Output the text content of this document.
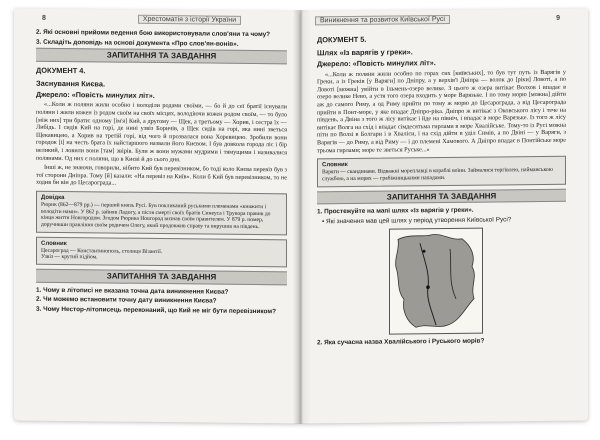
8	Хрестоматія з історії України
2. Які основні прийоми ведення бою використовували слов'яни та чому?
3. Складіть доповідь на основі документа «Про слов'ян-вонів».
ЗАПИТАННЯ ТА ЗАВДАННЯ
ДОКУМЕНТ 4.
Заснування Києва.
Джерело: «Повість минулих літ».

«...Коли ж поляни жили особно і володіли родами своїми, — бо й до сеї братії існували поляни і жили кожен із родом своїм на своїх місцях, володіючи кожен родом своїм, — то було [між них] три брати: одному [ім'я] Кий, а другому — Щек, а третьому — Хорив, і сестра їх — Либідь. І сидів Кий на горі, де нині узвіз Боричів, а Щек сидів на горі, яка нині зветься Щекавицею, а Хорив на третій горі, від чого й прозвалася вона Хоревицею. Зробили вони городок [і] на честь брата їх найстаршого назвали його Києвом. І був довкола города ліс і бір великий, і ловили вони [там] звірів. Були ж вони мужами мудрими і тямущими і називалися полянами. Од них є поляни, що в Києві й до сього дня.

Інші ж, не знаючи, говорили, нібито Кий був перевізником, бо тоді коло Києва перевіз був з тої сторони Дніпра. Тому [й] казали: «На перевіз на Київ». Коли б Кий був перевізником, то не ходив би він до Цесарограда...

Довідка
Рюрик (862—879 рр.) — перший князь Русі. Був покликаний руськими племенами «княжити і володіти нами». У 862 р. зайняв Ладогу, а після смерті своїх братів Синеуса і Трувора правив до кінця життя Новгородом. Згодом Рюрика Новгород визнав своїм правителем. У 879 р. помер, доручивши правління своїм родичем Олегу, який продовжив справу та вирушив на південь.
Словник
Цесароград — Константинополь, столиця Візантії.
Узвіз — крутий підйом.
ЗАПИТАННЯ ТА ЗАВДАННЯ
1. Чому в літописі не вказана точна дата виникнення Києва?
2. Чи можемо встановити точну дату виникнення Києва?
3. Чому Нестор-літописець переконаний, що Кий не міг бути перевізником?
Виникнення та розвиток Київської Русі	9
ДОКУМЕНТ 5.
Шлях «Із варягів у греки».
Джерело: «Повість минулих літ».

«...Коли ж поляни жили особно по горах сих [київських], то був тут путь із Варягів у Греки, а із Греків [у Варяги] по Дніпру, а у верхів'ї Дніпра — волок до [ріки] Ловоті, а по Ловоті [можна] увійти в Ільмень-озеро велике. З цього ж озера витікає Волхов і впадає в озеро велике Нево, а устя того озера входить у море Варязьке. І по тому морю [можна] дійти аж до самого Риму, а од Риму прийти по тому ж морю до Цесарограда, а від Цесарограда прийти в Понт-море, у яке впадає Дніпро-ріка. Дніпро ж витікає з Оковського лісу і тече на південь, а Двіна з того ж лісу витікає і йде на північ, і впадає в море Варязьке. Із того ж лісу витікає Волга на схід і впадає сімдесятьма гирлами в море Хвалійське. Тому-то із Русі можна піти по Волзі в Болгари і в Хваліси, і на схід дійти в уділ Симів, а по Двіні — у Варяги, з Варягів — до Риму, а від Риму — і до племені Хамового. А Дніпро впадає в Понтійське море трьома гирлами; море те зветься Руське...»

Словник
Варяги — скандинави. Відважні мореплавці в кораблі воїни. Займалися торгівлею, найманською службою, а на морях — грабіжницькими нападами.
ЗАПИТАННЯ ТА ЗАВДАННЯ
1. Простежуйте на мапі шлях «Із варягів у греки».
• Які значення мав цей шлях у період утворення Київської Русі?
2. Яка сучасна назва Хвалійського і Руського морів?
